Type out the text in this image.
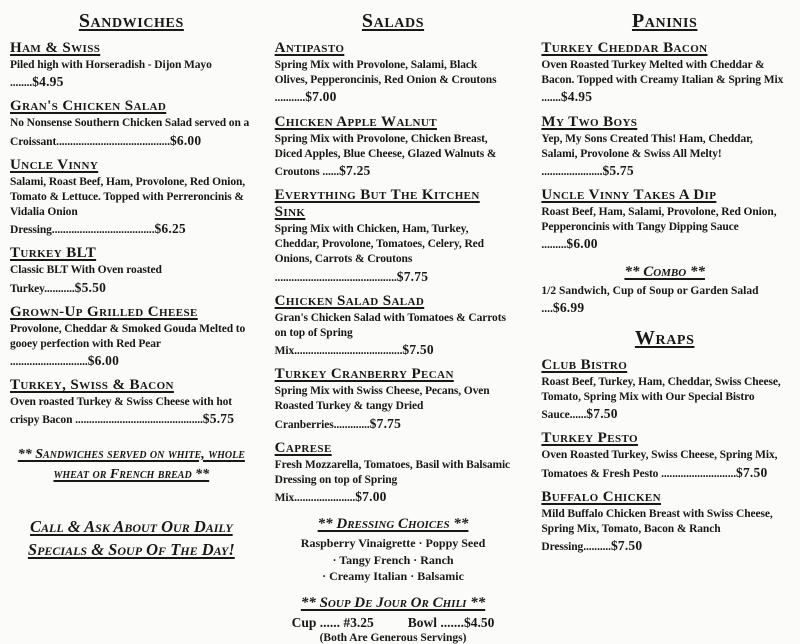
Sandwiches
Ham & Swiss

Piled high with Horseradish - Dijon Mayo ........$4.95

Gran's Chicken Salad

No Nonsense Southern Chicken Salad served on a Croissant.........................................$6.00

Uncle Vinny

Salami, Roast Beef, Ham, Provolone, Red Onion, Tomato & Lettuce. Topped with Perreroncinis & Vidalia Onion Dressing.....................................$6.25

Turkey BLT

Classic BLT With Oven roasted Turkey...........$5.50

Grown-Up Grilled Cheese

Provolone, Cheddar & Smoked Gouda Melted to gooey perfection with Red Pear ............................$6.00

Turkey, Swiss & Bacon

Oven roasted Turkey & Swiss Cheese with hot crispy Bacon ..............................................$5.75

** Sandwiches served on white, whole wheat or French bread **

Call & Ask About Our Daily Specials & Soup Of The Day!

Salads
Antipasto

Spring Mix with Provolone, Salami, Black Olives, Pepperoncinis, Red Onion & Croutons ...........$7.00

Chicken Apple Walnut

Spring Mix with Provolone, Chicken Breast, Diced Apples, Blue Cheese, Glazed Walnuts & Croutons ......$7.25

Everything But The Kitchen Sink

Spring Mix with Chicken, Ham, Turkey, Cheddar, Provolone, Tomatoes, Celery, Red Onions, Carrots & Croutons ............................................$7.75

Chicken Salad Salad

Gran's Chicken Salad with Tomatoes & Carrots on top of Spring Mix.......................................$7.50

Turkey Cranberry Pecan

Spring Mix with Swiss Cheese, Pecans, Oven Roasted Turkey & tangy Dried Cranberries.............$7.75

Caprese

Fresh Mozzarella, Tomatoes, Basil with Balsamic Dressing on top of Spring Mix......................$7.00

** Dressing Choices **

Raspberry Vinaigrette · Poppy Seed

· Tangy French · Ranch

· Creamy Italian · Balsamic

** Soup De Jour Or Chili **

Cup ...... #3.25	Bowl .......$4.50

(Both Are Generous Servings)

Paninis
Turkey Cheddar Bacon

Oven Roasted Turkey Melted with Cheddar & Bacon. Topped with Creamy Italian & Spring Mix .......$4.95

My Two Boys

Yep, My Sons Created This! Ham, Cheddar, Salami, Provolone & Swiss All Melty! ......................$5.75

Uncle Vinny Takes A Dip

Roast Beef, Ham, Salami, Provolone, Red Onion, Pepperoncinis with Tangy Dipping Sauce .........$6.00

** Combo **

1/2 Sandwich, Cup of Soup or Garden Salad ....$6.99

Wraps
Club Bistro

Roast Beef, Turkey, Ham, Cheddar, Swiss Cheese, Tomato, Spring Mix with Our Special Bistro Sauce......$7.50

Turkey Pesto

Oven Roasted Turkey, Swiss Cheese, Spring Mix, Tomatoes & Fresh Pesto ...........................$7.50

Buffalo Chicken

Mild Buffalo Chicken Breast with Swiss Cheese, Spring Mix, Tomato, Bacon & Ranch Dressing..........$7.50
